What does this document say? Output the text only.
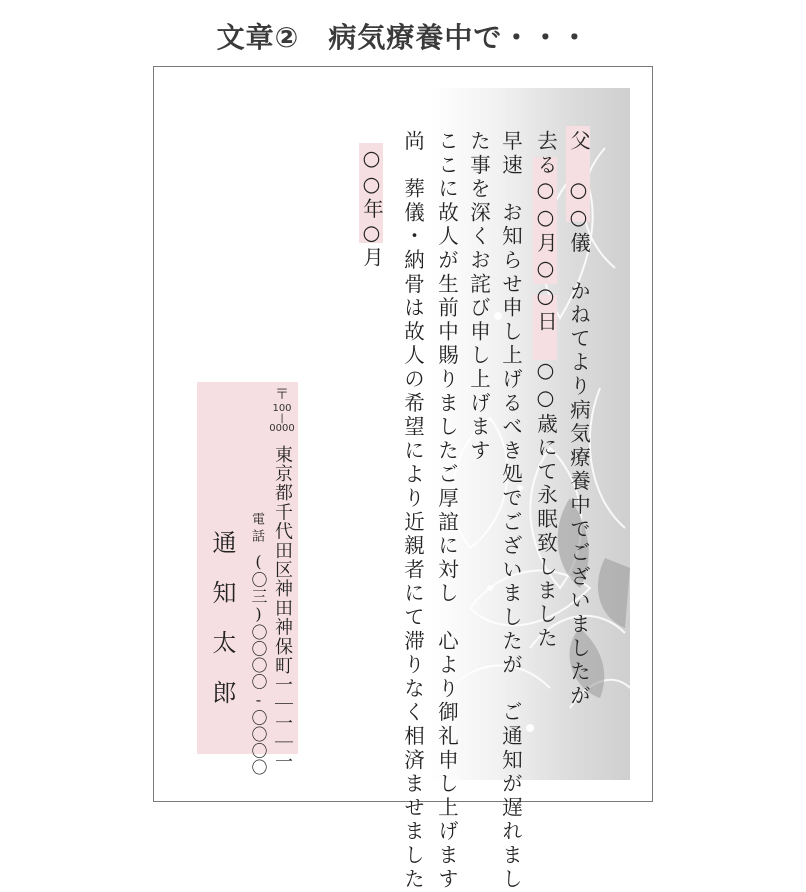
文章②　病気療養中で・・・
父　○○儀　かねてより病気療養中でございましたが
去る○○月○○日　○○歳にて永眠致しました
早速　お知らせ申し上げるべき処でございましたが　ご通知が遅れまし
た事を深くお詫び申し上げます
ここに故人が生前中賜りましたご厚誼に対し　心より御礼申し上げます
尚　葬儀・納骨は故人の希望により近親者にて滞りなく相済ませました
○○年○月
〒
100
|
0000
東京都千代田区神田神保町一｜一｜一
電話
(〇三)〇〇〇〇-〇〇〇〇
通知太郎
